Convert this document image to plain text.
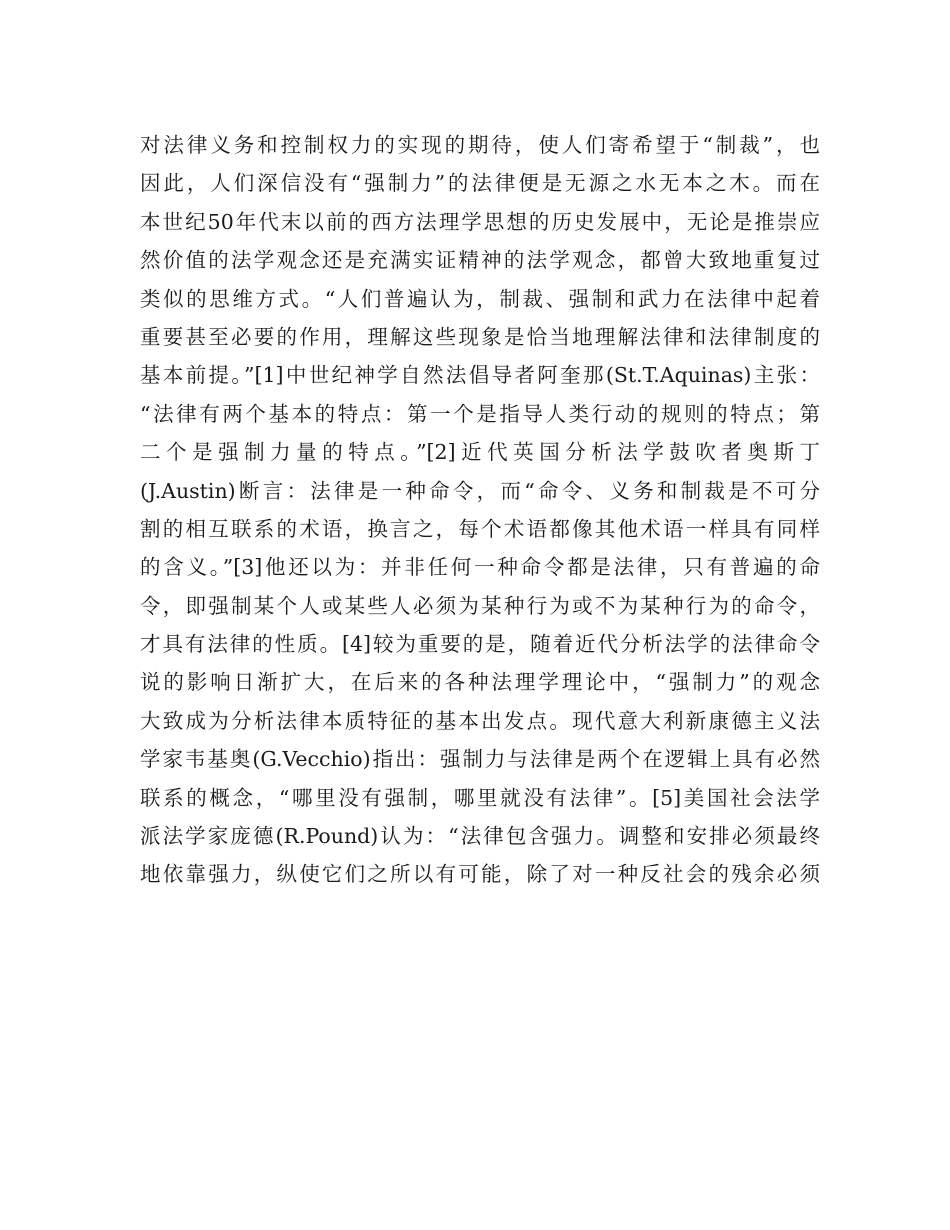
对法律义务和控制权力的实现的期待，使人们寄希望于“制裁”，也
因此，人们深信没有“强制力”的法律便是无源之水无本之木。而在
本世纪50年代末以前的西方法理学思想的历史发展中，无论是推崇应
然价值的法学观念还是充满实证精神的法学观念，都曾大致地重复过
类似的思维方式。“人们普遍认为，制裁、强制和武力在法律中起着
重要甚至必要的作用，理解这些现象是恰当地理解法律和法律制度的
基本前提。”[1]中世纪神学自然法倡导者阿奎那(St.T.Aquinas)主张：
“法律有两个基本的特点：第一个是指导人类行动的规则的特点；第
二个是强制力量的特点。”[2]近代英国分析法学鼓吹者奥斯丁
(J.Austin)断言：法律是一种命令，而“命令、义务和制裁是不可分
割的相互联系的术语，换言之，每个术语都像其他术语一样具有同样
的含义。”[3]他还以为：并非任何一种命令都是法律，只有普遍的命
令，即强制某个人或某些人必须为某种行为或不为某种行为的命令，
才具有法律的性质。[4]较为重要的是，随着近代分析法学的法律命令
说的影响日渐扩大，在后来的各种法理学理论中，“强制力”的观念
大致成为分析法律本质特征的基本出发点。现代意大利新康德主义法
学家韦基奥(G.Vecchio)指出：强制力与法律是两个在逻辑上具有必然
联系的概念，“哪里没有强制，哪里就没有法律”。[5]美国社会法学
派法学家庞德(R.Pound)认为：“法律包含强力。调整和安排必须最终
地依靠强力，纵使它们之所以有可能，除了对一种反社会的残余必须
